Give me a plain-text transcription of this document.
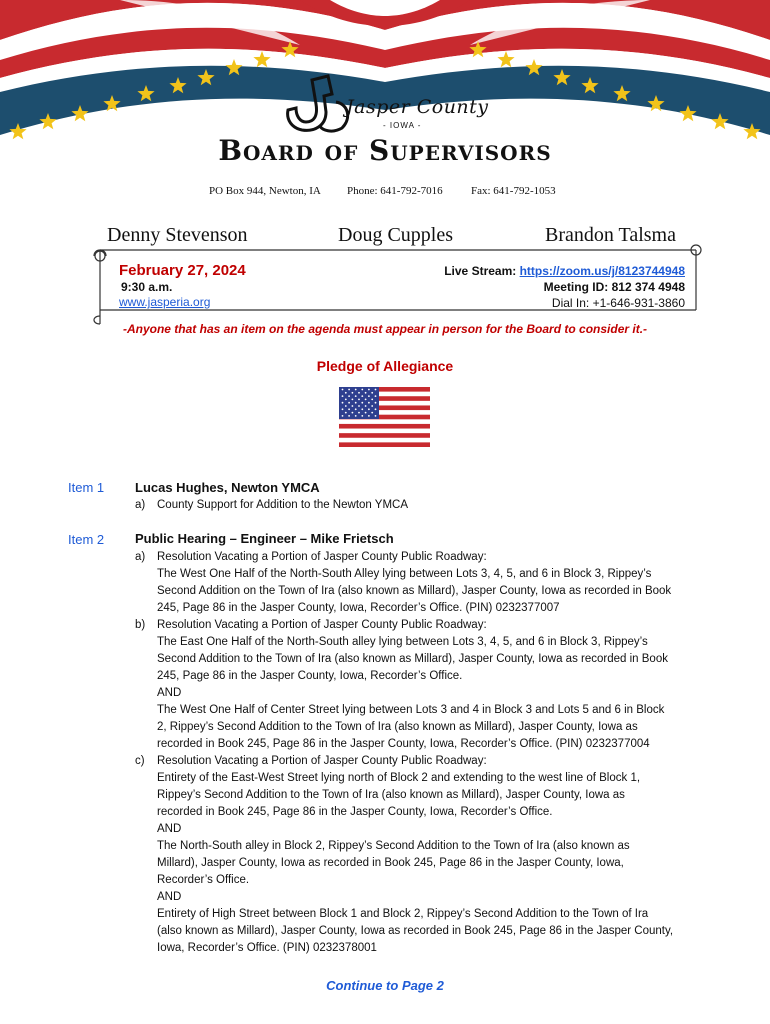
Jasper County
- IOWA -
Board of Supervisors
PO Box 944, Newton, IA Phone: 641-792-7016	Fax: 641-792-1053
Denny Stevenson	Doug Cupples	Brandon Talsma
February 27, 2024
9:30 a.m.
www.jasperia.org
Live Stream: https://zoom.us/j/8123744948
Meeting ID: 812 374 4948
Dial In: +1-646-931-3860
-Anyone that has an item on the agenda must appear in person for the Board to consider it.-
Pledge of Allegiance
Item 1 Lucas Hughes, Newton YMCA
a) County Support for Addition to the Newton YMCA
Item 2 Public Hearing – Engineer – Mike Frietsch
a) Resolution Vacating a Portion of Jasper County Public Roadway:
The West One Half of the North-South Alley lying between Lots 3, 4, 5, and 6 in Block 3, Rippey’s
Second Addition on the Town of Ira (also known as Millard), Jasper County, Iowa as recorded in Book
245, Page 86 in the Jasper County, Iowa, Recorder’s Office. (PIN) 0232377007
b) Resolution Vacating a Portion of Jasper County Public Roadway:
The East One Half of the North-South alley lying between Lots 3, 4, 5, and 6 in Block 3, Rippey’s
Second Addition to the Town of Ira (also known as Millard), Jasper County, Iowa as recorded in Book
245, Page 86 in the Jasper County, Iowa, Recorder’s Office.
AND
The West One Half of Center Street lying between Lots 3 and 4 in Block 3 and Lots 5 and 6 in Block
2, Rippey’s Second Addition to the Town of Ira (also known as Millard), Jasper County, Iowa as
recorded in Book 245, Page 86 in the Jasper County, Iowa, Recorder’s Office. (PIN) 0232377004
c) Resolution Vacating a Portion of Jasper County Public Roadway:
Entirety of the East-West Street lying north of Block 2 and extending to the west line of Block 1,
Rippey’s Second Addition to the Town of Ira (also known as Millard), Jasper County, Iowa as
recorded in Book 245, Page 86 in the Jasper County, Iowa, Recorder’s Office.
AND
The North-South alley in Block 2, Rippey’s Second Addition to the Town of Ira (also known as
Millard), Jasper County, Iowa as recorded in Book 245, Page 86 in the Jasper County, Iowa,
Recorder’s Office.
AND
Entirety of High Street between Block 1 and Block 2, Rippey’s Second Addition to the Town of Ira
(also known as Millard), Jasper County, Iowa as recorded in Book 245, Page 86 in the Jasper County,
Iowa, Recorder’s Office. (PIN) 0232378001
Continue to Page 2
